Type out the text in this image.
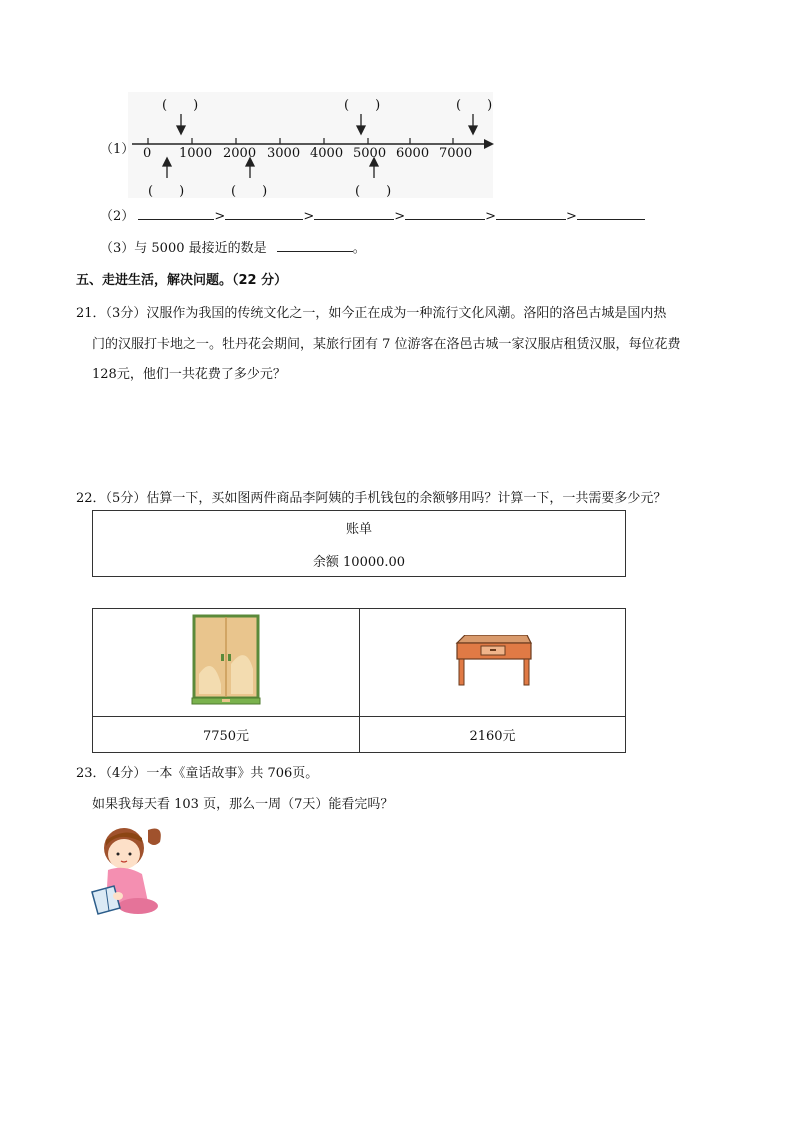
（1） 0 1000 2000 3000 4000 5000 6000 7000
(　　)	(　　)	(　　)
(　　)	(　　)	(　　)
（2）	>	>	>	>	>
（3）与 5000 最接近的数是	。
五、走进生活，解决问题。（22 分）
21．（3分）汉服作为我国的传统文化之一，如今正在成为一种流行文化风潮。洛阳的洛邑古城是国内热
门的汉服打卡地之一。牡丹花会期间，某旅行团有 7 位游客在洛邑古城一家汉服店租赁汉服，每位花费
128元，他们一共花费了多少元？
22．（5分）估算一下，买如图两件商品李阿姨的手机钱包的余额够用吗？计算一下，一共需要多少元？
账单
余额 10000.00

7750元	2160元
23．（4分）一本《童话故事》共 706页。
如果我每天看 103 页，那么一周（7天）能看完吗？
